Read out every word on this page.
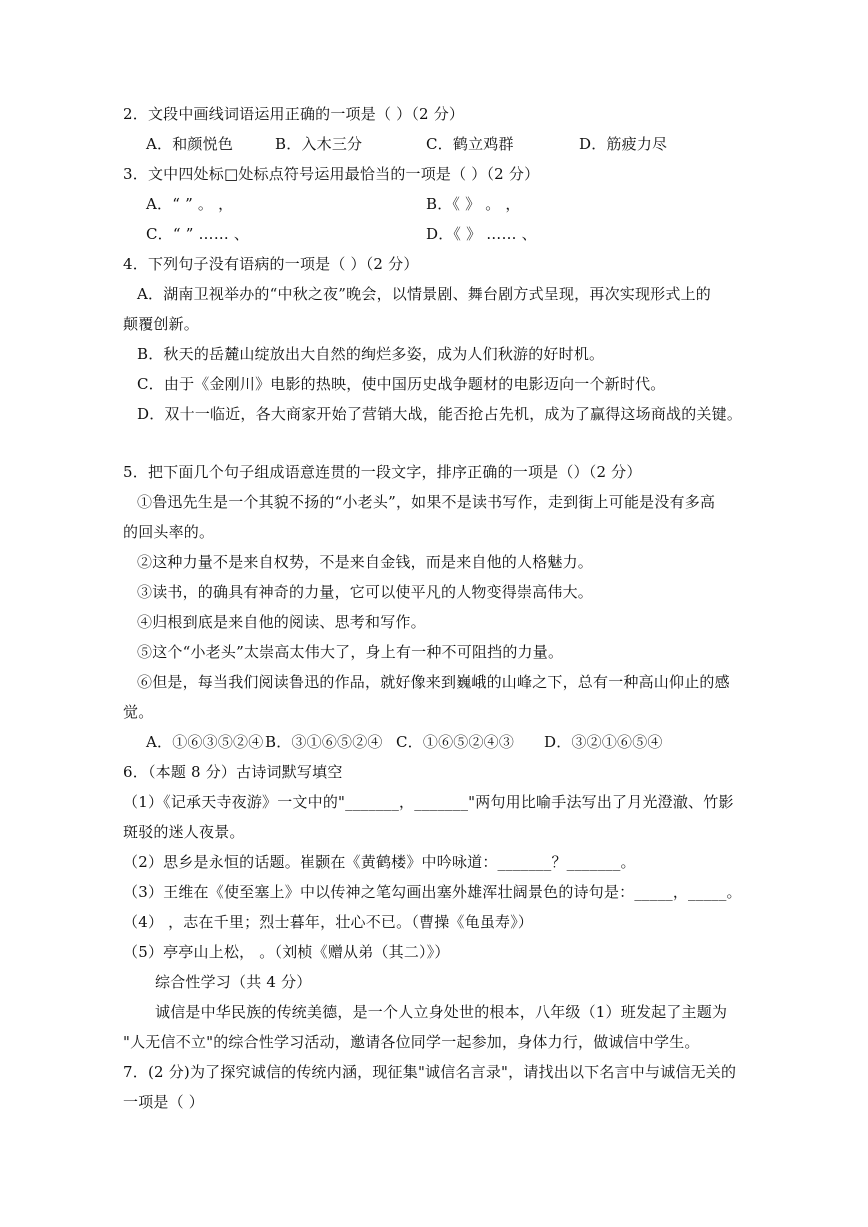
2．文段中画线词语运用正确的一项是（ ）（2 分）
A．和颜悦色	B．入木三分	C．鹤立鸡群	D．筋疲力尽
3．文中四处标□处标点符号运用最恰当的一项是（ ）（2 分）
A．“ ” 。 ，	B．《 》 。 ，
C．“ ” …… 、	D．《 》 …… 、
4．下列句子没有语病的一项是（ ）（2 分）
A．湖南卫视举办的“中秋之夜”晚会，以情景剧、舞台剧方式呈现，再次实现形式上的
颠覆创新。
B．秋天的岳麓山绽放出大自然的绚烂多姿，成为人们秋游的好时机。
C．由于《金刚川》电影的热映，使中国历史战争题材的电影迈向一个新时代。
D．双十一临近，各大商家开始了营销大战，能否抢占先机，成为了赢得这场商战的关键。
5．把下面几个句子组成语意连贯的一段文字，排序正确的一项是（）（2 分）
①鲁迅先生是一个其貌不扬的“小老头”，如果不是读书写作，走到街上可能是没有多高
的回头率的。
②这种力量不是来自权势，不是来自金钱，而是来自他的人格魅力。
③读书，的确具有神奇的力量，它可以使平凡的人物变得崇高伟大。
④归根到底是来自他的阅读、思考和写作。
⑤这个“小老头”太崇高太伟大了，身上有一种不可阻挡的力量。
⑥但是，每当我们阅读鲁迅的作品，就好像来到巍峨的山峰之下，总有一种高山仰止的感
觉。
A．①⑥③⑤②④ B．③①⑥⑤②④ C．①⑥⑤②④③ D．③②①⑥⑤④
6．（本题 8 分）古诗词默写填空
（1）《记承天寺夜游》一文中的"_______，_______"两句用比喻手法写出了月光澄澈、竹影
斑驳的迷人夜景。
（2）思乡是永恒的话题。崔颢在《黄鹤楼》中吟咏道：_______？_______。
（3）王维在《使至塞上》中以传神之笔勾画出塞外雄浑壮阔景色的诗句是：_____，_____。
（4） ，志在千里；烈士暮年，壮心不已。（曹操《龟虽寿》）
（5）亭亭山上松， 。（刘桢《赠从弟（其二）》）
综合性学习（共 4 分）
诚信是中华民族的传统美德，是一个人立身处世的根本，八年级（1）班发起了主题为
"人无信不立"的综合性学习活动，邀请各位同学一起参加，身体力行，做诚信中学生。
7．(2 分)为了探究诚信的传统内涵，现征集"诚信名言录"，请找出以下名言中与诚信无关的
一项是（ ）
